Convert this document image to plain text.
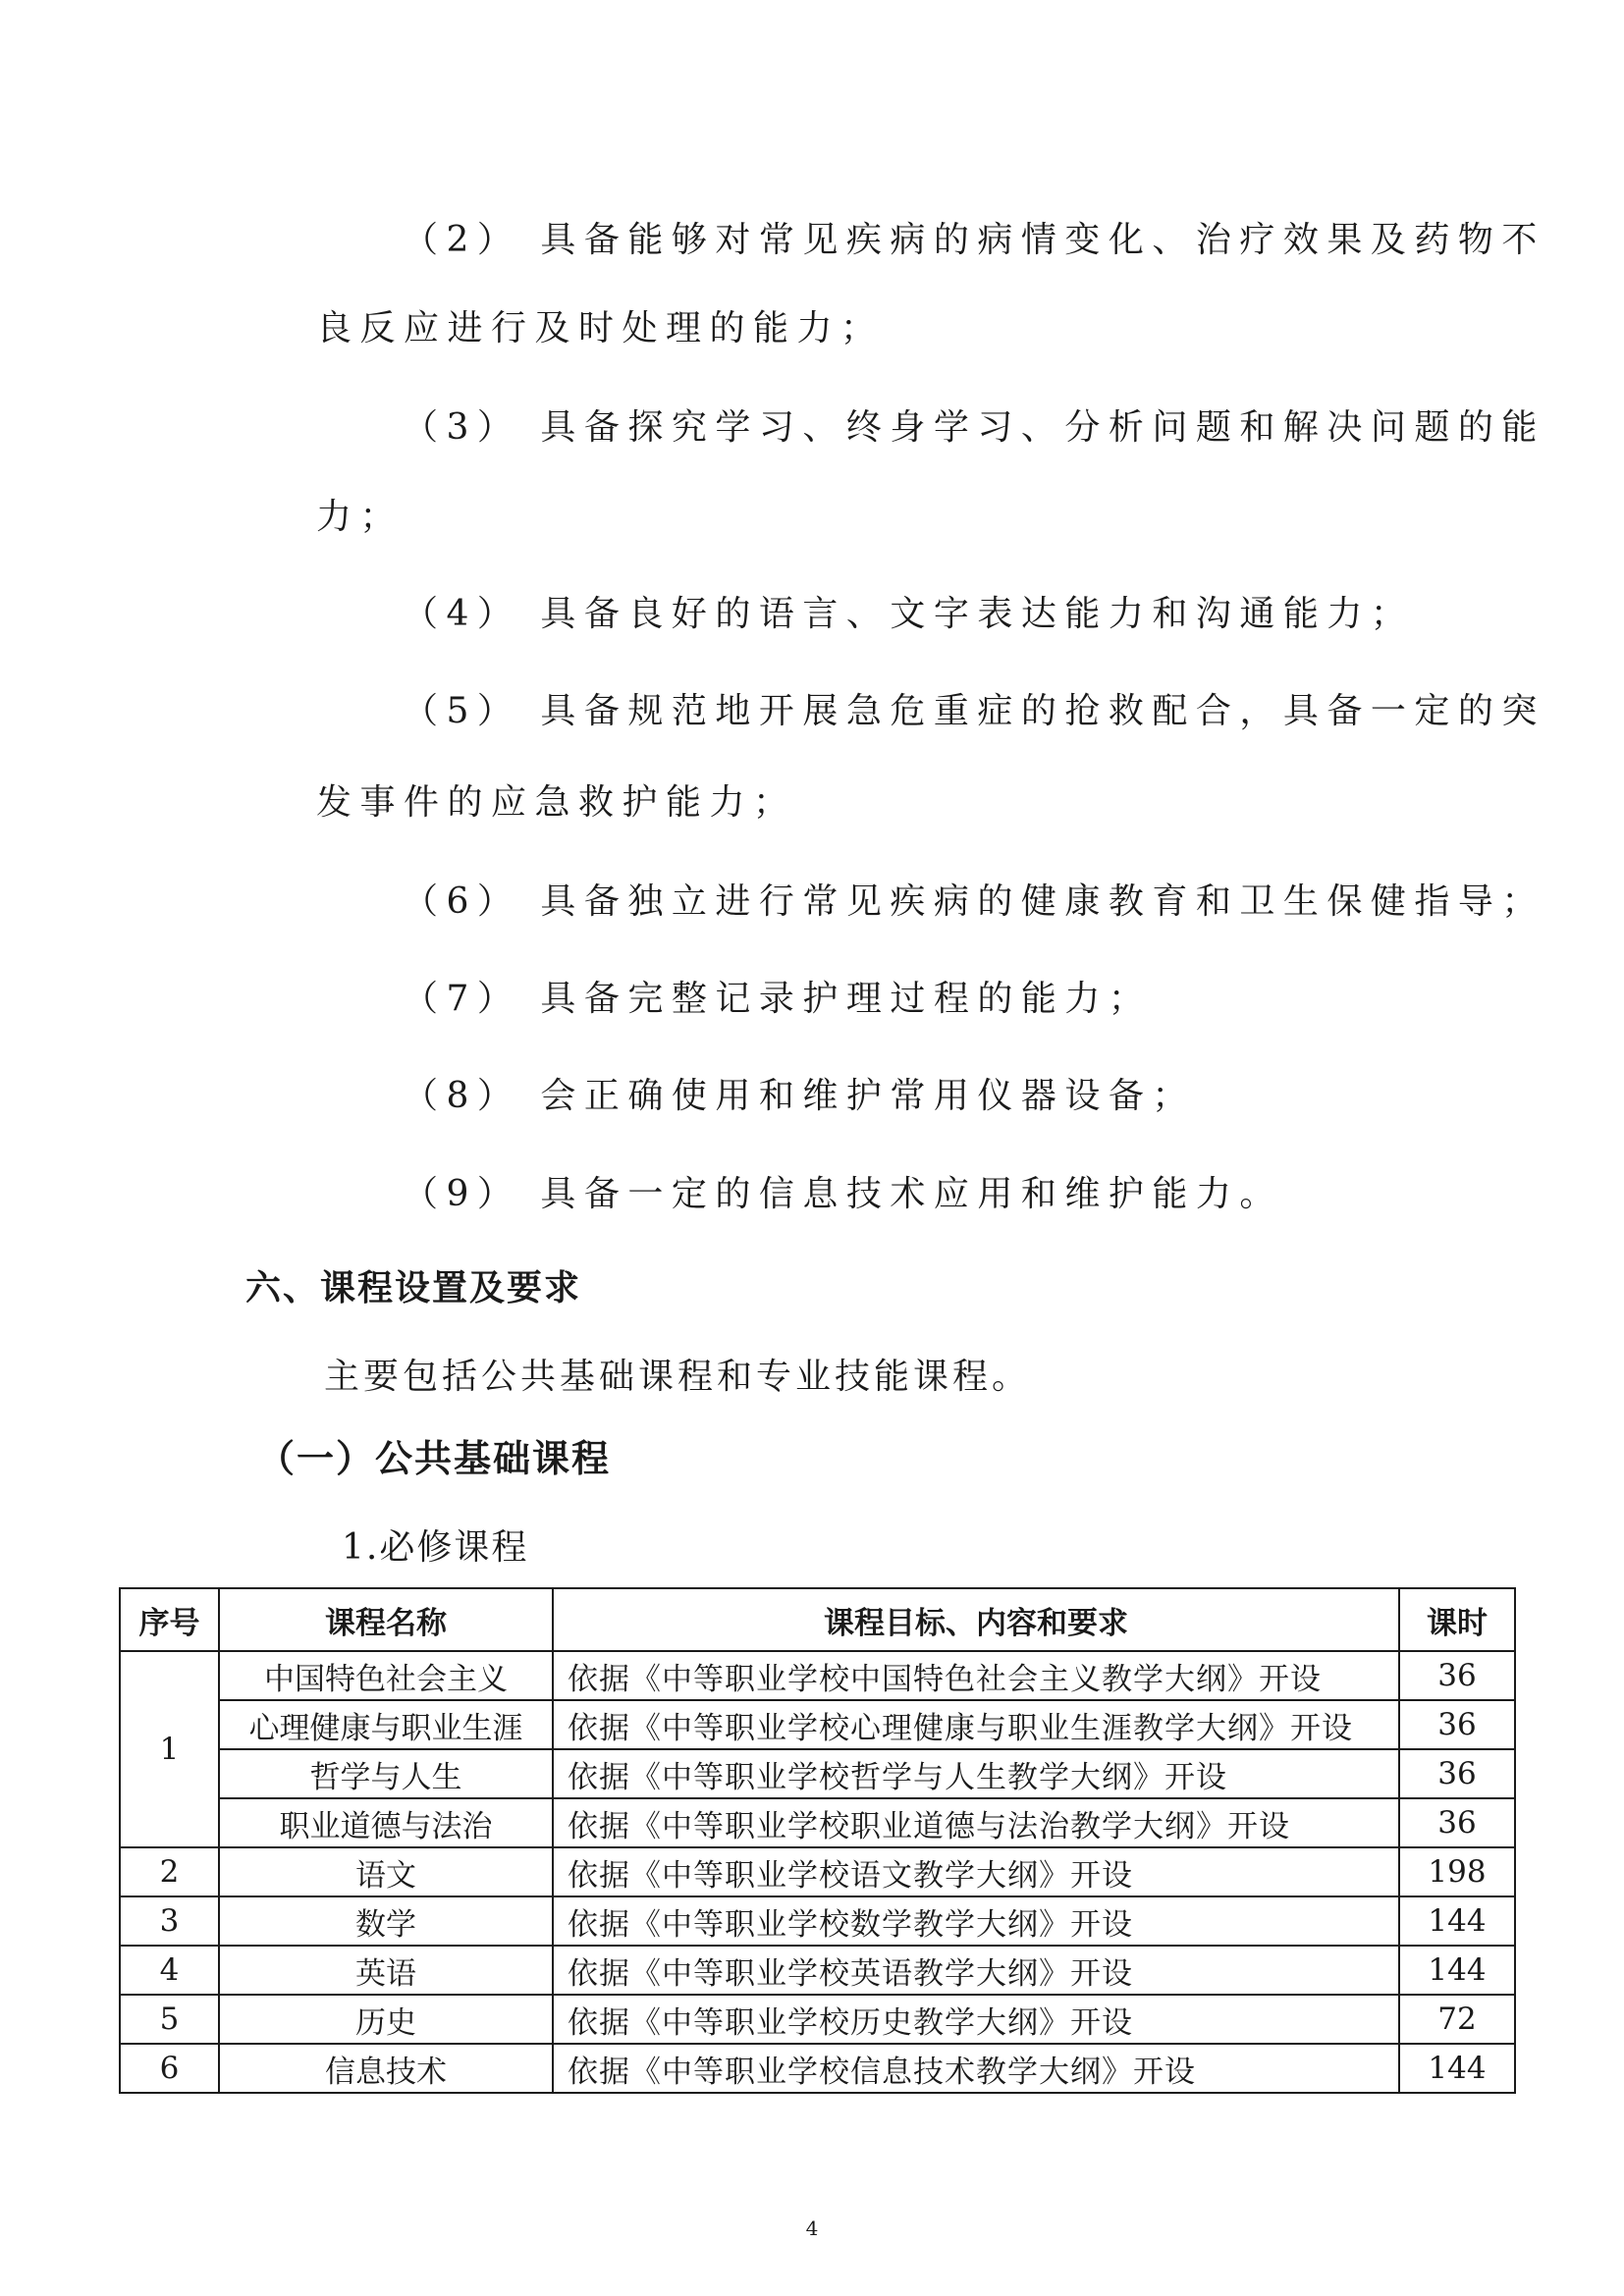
（2） 具备能够对常见疾病的病情变化、治疗效果及药物不
良反应进行及时处理的能力；
（3） 具备探究学习、终身学习、分析问题和解决问题的能
力；
（4） 具备良好的语言、文字表达能力和沟通能力；
（5） 具备规范地开展急危重症的抢救配合，具备一定的突
发事件的应急救护能力；
（6） 具备独立进行常见疾病的健康教育和卫生保健指导；
（7） 具备完整记录护理过程的能力；
（8） 会正确使用和维护常用仪器设备；
（9） 具备一定的信息技术应用和维护能力。
六、课程设置及要求
主要包括公共基础课程和专业技能课程。
（一）公共基础课程
1.必修课程
序号	课程名称	课程目标、内容和要求	课时
1	中国特色社会主义	依据《中等职业学校中国特色社会主义教学大纲》开设	36
	心理健康与职业生涯	依据《中等职业学校心理健康与职业生涯教学大纲》开设	36
	哲学与人生	依据《中等职业学校哲学与人生教学大纲》开设	36
	职业道德与法治	依据《中等职业学校职业道德与法治教学大纲》开设	36
2	语文	依据《中等职业学校语文教学大纲》开设	198
3	数学	依据《中等职业学校数学教学大纲》开设	144
4	英语	依据《中等职业学校英语教学大纲》开设	144
5	历史	依据《中等职业学校历史教学大纲》开设	72
6	信息技术	依据《中等职业学校信息技术教学大纲》开设	144
4
